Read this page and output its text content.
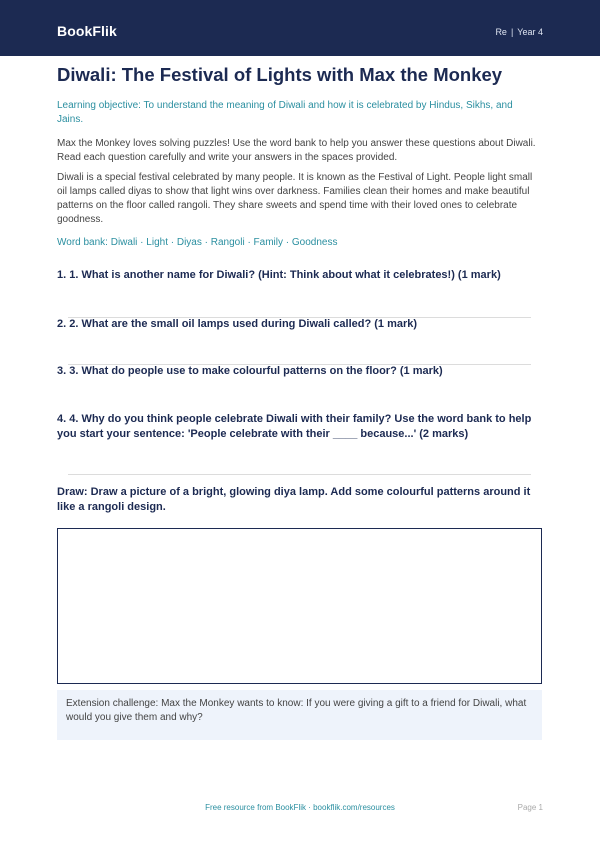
BookFlik	Re | Year 4
Diwali: The Festival of Lights with Max the Monkey

Learning objective: To understand the meaning of Diwali and how it is celebrated by Hindus, Sikhs, and Jains.

Max the Monkey loves solving puzzles! Use the word bank to help you answer these questions about Diwali. Read each question carefully and write your answers in the spaces provided.

Diwali is a special festival celebrated by many people. It is known as the Festival of Light. People light small oil lamps called diyas to show that light wins over darkness. Families clean their homes and make beautiful patterns on the floor called rangoli. They share sweets and spend time with their loved ones to celebrate goodness.

Word bank: Diwali · Light · Diyas · Rangoli · Family · Goodness

1. 1. What is another name for Diwali? (Hint: Think about what it celebrates!) (1 mark)

2. 2. What are the small oil lamps used during Diwali called? (1 mark)

3. 3. What do people use to make colourful patterns on the floor? (1 mark)

4. 4. Why do you think people celebrate Diwali with their family? Use the word bank to help you start your sentence: 'People celebrate with their ____ because...' (2 marks)

Draw: Draw a picture of a bright, glowing diya lamp. Add some colourful patterns around it like a rangoli design.

Extension challenge: Max the Monkey wants to know: If you were giving a gift to a friend for Diwali, what would you give them and why?
Free resource from BookFlik · bookflik.com/resources	Page 1
